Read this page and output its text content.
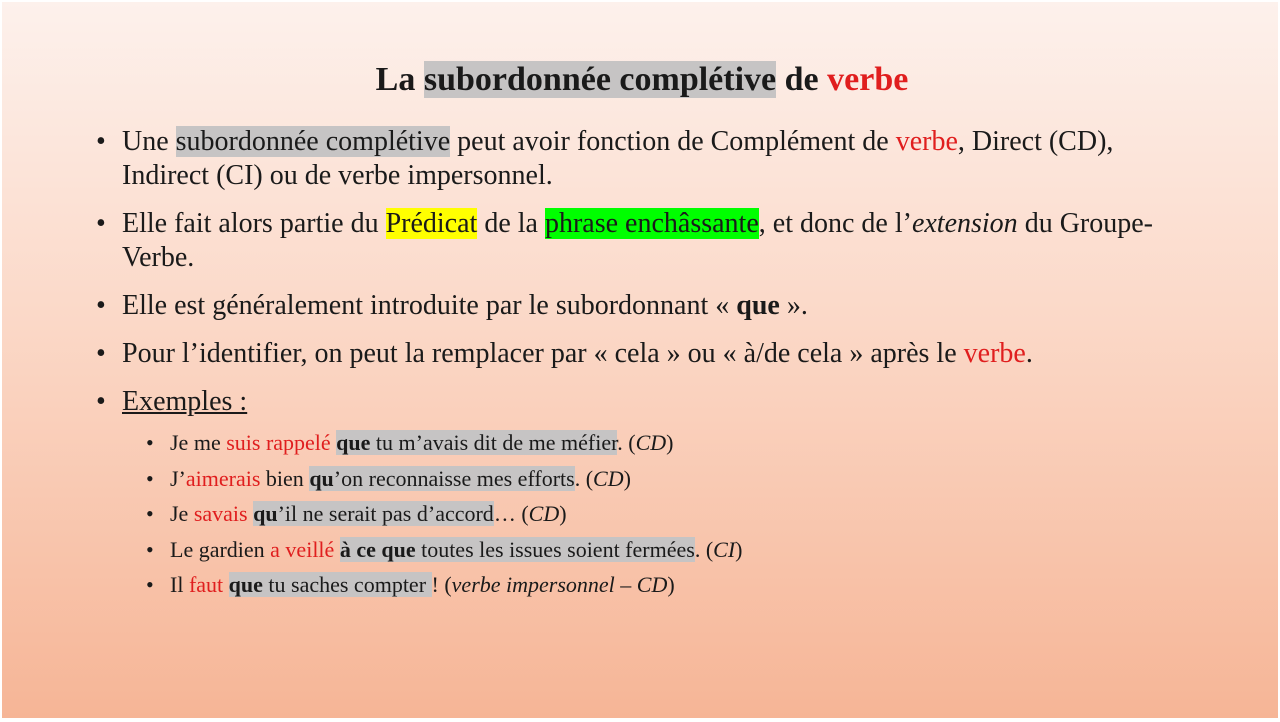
La subordonnée complétive de verbe
• Une subordonnée complétive peut avoir fonction de Complément de verbe, Direct (CD), Indirect (CI) ou de verbe impersonnel.
• Elle fait alors partie du Prédicat de la phrase enchâssante, et donc de l’extension du Groupe-Verbe.
• Elle est généralement introduite par le subordonnant « que ».
• Pour l’identifier, on peut la remplacer par « cela » ou « à/de cela » après le verbe.
• Exemples :
• Je me suis rappelé que tu m’avais dit de me méfier. (CD)
• J’aimerais bien qu’on reconnaisse mes efforts. (CD)
• Je savais qu’il ne serait pas d’accord… (CD)
• Le gardien a veillé à ce que toutes les issues soient fermées. (CI)
• Il faut que tu saches compter ! (verbe impersonnel – CD)
